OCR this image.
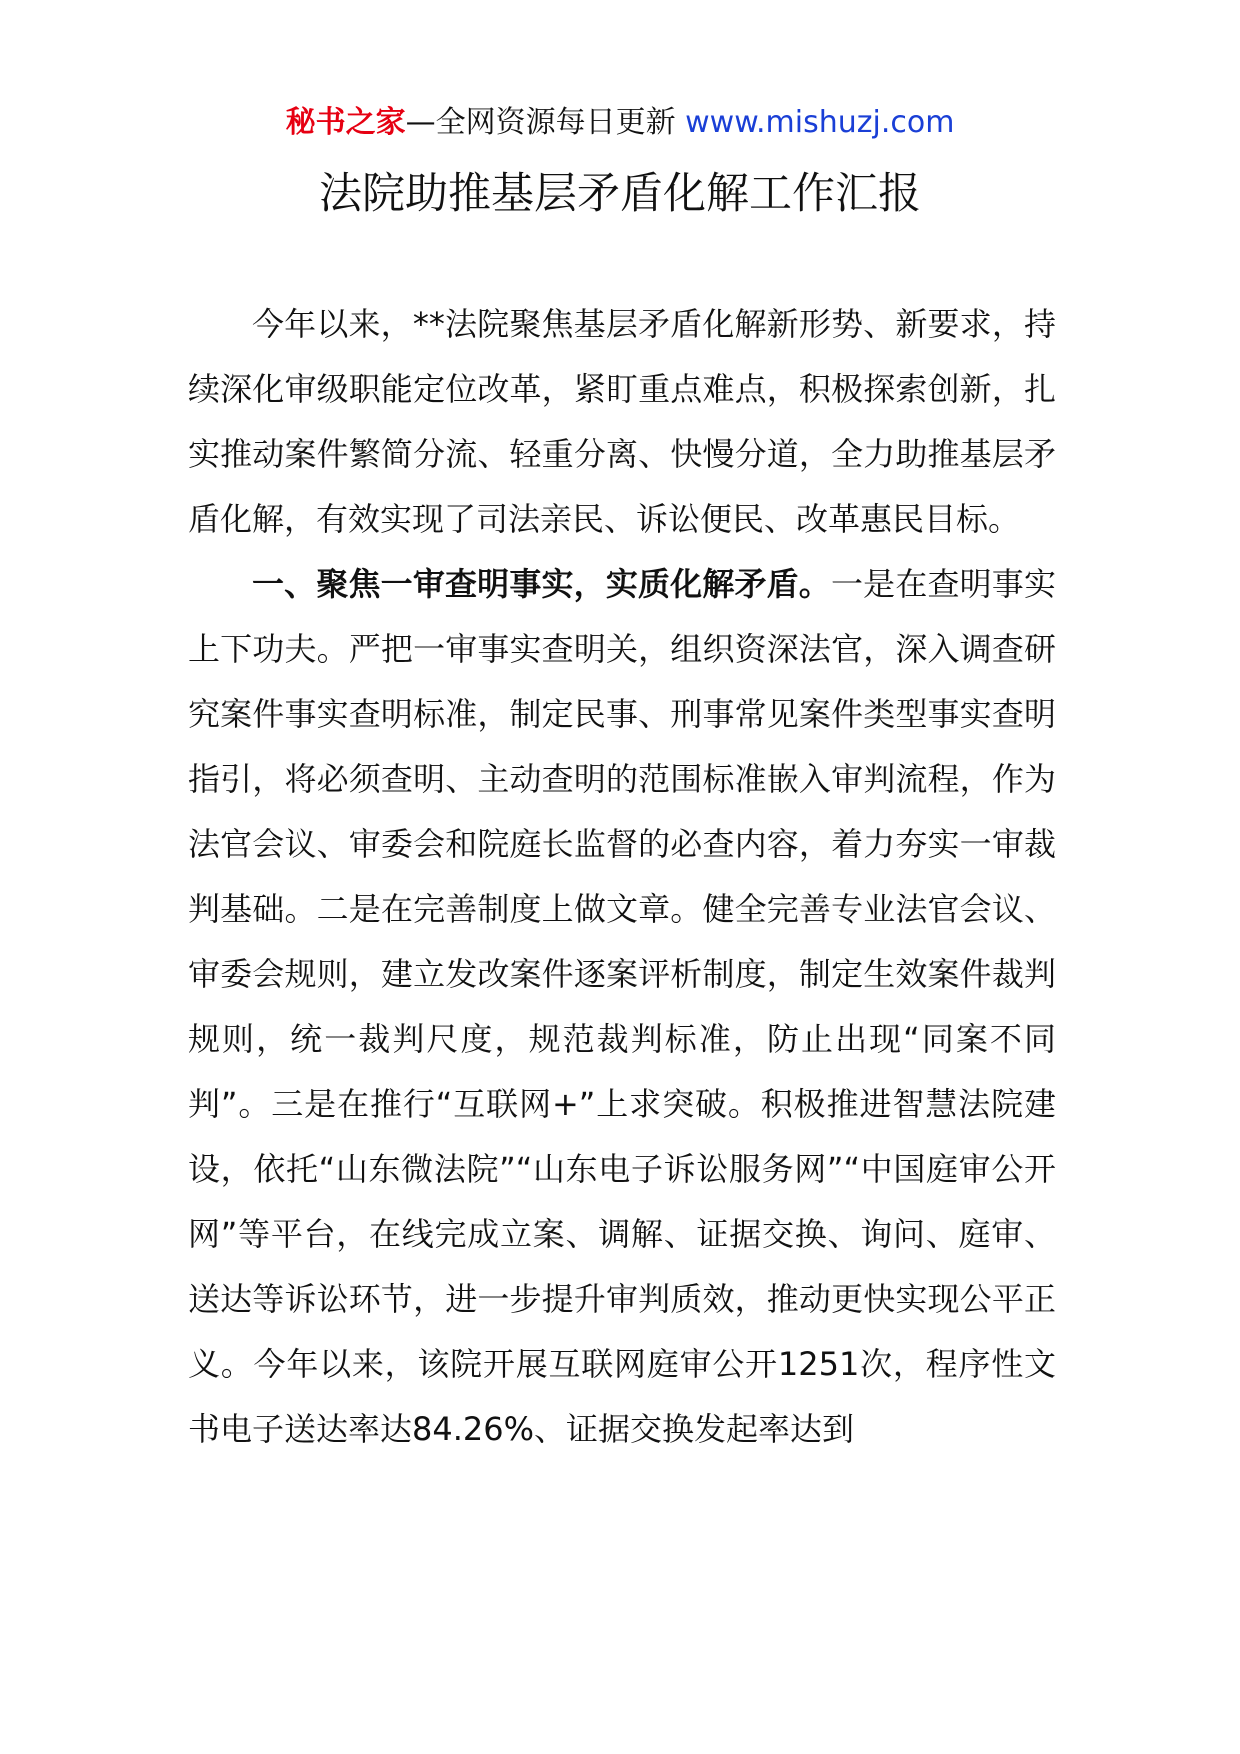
秘书之家—全网资源每日更新 www.mishuzj.com
法院助推基层矛盾化解工作汇报

今年以来，**法院聚焦基层矛盾化解新形势、新要求，持续深化审级职能定位改革，紧盯重点难点，积极探索创新，扎实推动案件繁简分流、轻重分离、快慢分道，全力助推基层矛盾化解，有效实现了司法亲民、诉讼便民、改革惠民目标。

一、聚焦一审查明事实，实质化解矛盾。一是在查明事实上下功夫。严把一审事实查明关，组织资深法官，深入调查研究案件事实查明标准，制定民事、刑事常见案件类型事实查明指引，将必须查明、主动查明的范围标准嵌入审判流程，作为法官会议、审委会和院庭长监督的必查内容，着力夯实一审裁判基础。二是在完善制度上做文章。健全完善专业法官会议、审委会规则，建立发改案件逐案评析制度，制定生效案件裁判规则，统一裁判尺度，规范裁判标准，防止出现“同案不同判”。三是在推行“互联网+”上求突破。积极推进智慧法院建设，依托“山东微法院”“山东电子诉讼服务网”“中国庭审公开网”等平台，在线完成立案、调解、证据交换、询问、庭审、送达等诉讼环节，进一步提升审判质效，推动更快实现公平正义。今年以来，该院开展互联网庭审公开1251次，程序性文书电子送达率达84.26%、证据交换发起率达到
